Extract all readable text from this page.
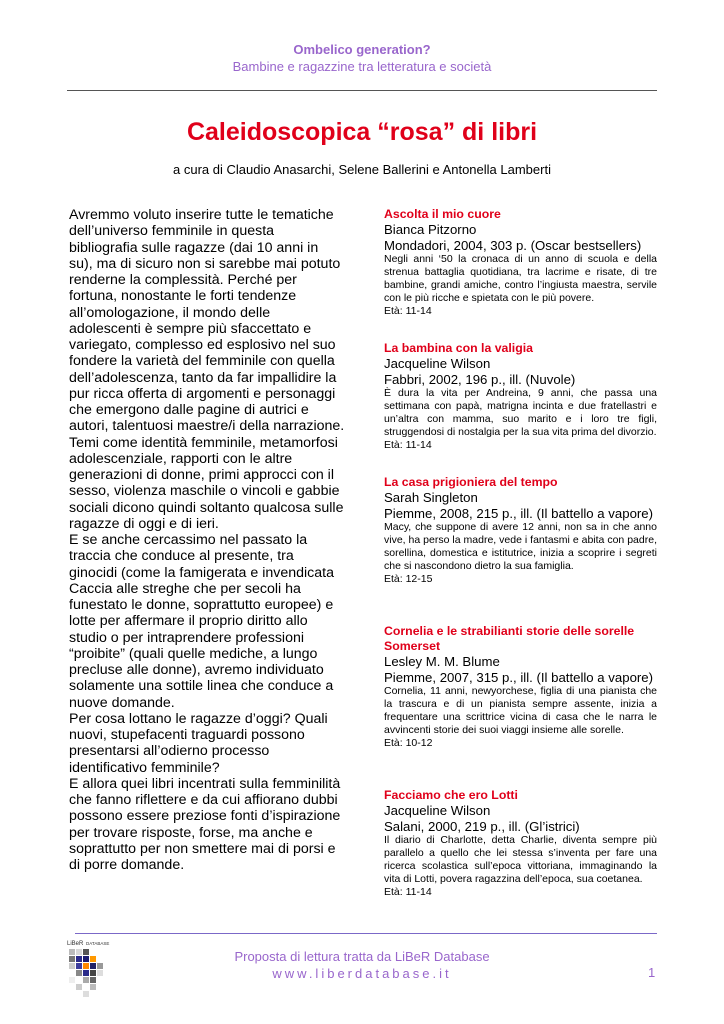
Ombelico generation?
Bambine e ragazzine tra letteratura e società
Caleidoscopica “rosa” di libri
a cura di Claudio Anasarchi, Selene Ballerini e Antonella Lamberti

Avremmo voluto inserire tutte le tematiche dell’universo femminile in questa bibliografia sulle ragazze (dai 10 anni in su), ma di sicuro non si sarebbe mai potuto renderne la complessità. Perché per fortuna, nonostante le forti tendenze all’omologazione, il mondo delle adolescenti è sempre più sfaccettato e variegato, complesso ed esplosivo nel suo fondere la varietà del femminile con quella dell’adolescenza, tanto da far impallidire la pur ricca offerta di argomenti e personaggi che emergono dalle pagine di autrici e autori, talentuosi maestre/i della narrazione. Temi come identità femminile, metamorfosi adolescenziale, rapporti con le altre generazioni di donne, primi approcci con il sesso, violenza maschile o vincoli e gabbie sociali dicono quindi soltanto qualcosa sulle ragazze di oggi e di ieri.

E se anche cercassimo nel passato la traccia che conduce al presente, tra ginocidi (come la famigerata e invendicata Caccia alle streghe che per secoli ha funestato le donne, soprattutto europee) e lotte per affermare il proprio diritto allo studio o per intraprendere professioni “proibite” (quali quelle mediche, a lungo precluse alle donne), avremo individuato solamente una sottile linea che conduce a nuove domande.

Per cosa lottano le ragazze d’oggi? Quali nuovi, stupefacenti traguardi possono presentarsi all’odierno processo identificativo femminile?

E allora quei libri incentrati sulla femminilità che fanno riflettere e da cui affiorano dubbi possono essere preziose fonti d’ispirazione per trovare risposte, forse, ma anche e soprattutto per non smettere mai di porsi e di porre domande.

Ascolta il mio cuore
Bianca Pitzorno
Mondadori, 2004, 303 p. (Oscar bestsellers)
Negli anni ‘50 la cronaca di un anno di scuola e della strenua battaglia quotidiana, tra lacrime e risate, di tre bambine, grandi amiche, contro l’ingiusta maestra, servile con le più ricche e spietata con le più povere.
Età: 11-14
La bambina con la valigia
Jacqueline Wilson
Fabbri, 2002, 196 p., ill. (Nuvole)
È dura la vita per Andreina, 9 anni, che passa una settimana con papà, matrigna incinta e due fratellastri e un’altra con mamma, suo marito e i loro tre figli, struggendosi di nostalgia per la sua vita prima del divorzio.
Età: 11-14
La casa prigioniera del tempo
Sarah Singleton
Piemme, 2008, 215 p., ill. (Il battello a vapore)
Macy, che suppone di avere 12 anni, non sa in che anno vive, ha perso la madre, vede i fantasmi e abita con padre, sorellina, domestica e istitutrice, inizia a scoprire i segreti che si nascondono dietro la sua famiglia.
Età: 12-15
Cornelia e le strabilianti storie delle sorelle Somerset
Lesley M. M. Blume
Piemme, 2007, 315 p., ill. (Il battello a vapore)
Cornelia, 11 anni, newyorchese, figlia di una pianista che la trascura e di un pianista sempre assente, inizia a frequentare una scrittrice vicina di casa che le narra le avvincenti storie dei suoi viaggi insieme alle sorelle.
Età: 10-12
Facciamo che ero Lotti
Jacqueline Wilson
Salani, 2000, 219 p., ill. (Gl’istrici)
Il diario di Charlotte, detta Charlie, diventa sempre più parallelo a quello che lei stessa s’inventa per fare una ricerca scolastica sull’epoca vittoriana, immaginando la vita di Lotti, povera ragazzina dell’epoca, sua coetanea.
Età: 11-14
LiBeR DATABASE
Proposta di lettura tratta da LiBeR Database
www.liberdatabase.it	1
